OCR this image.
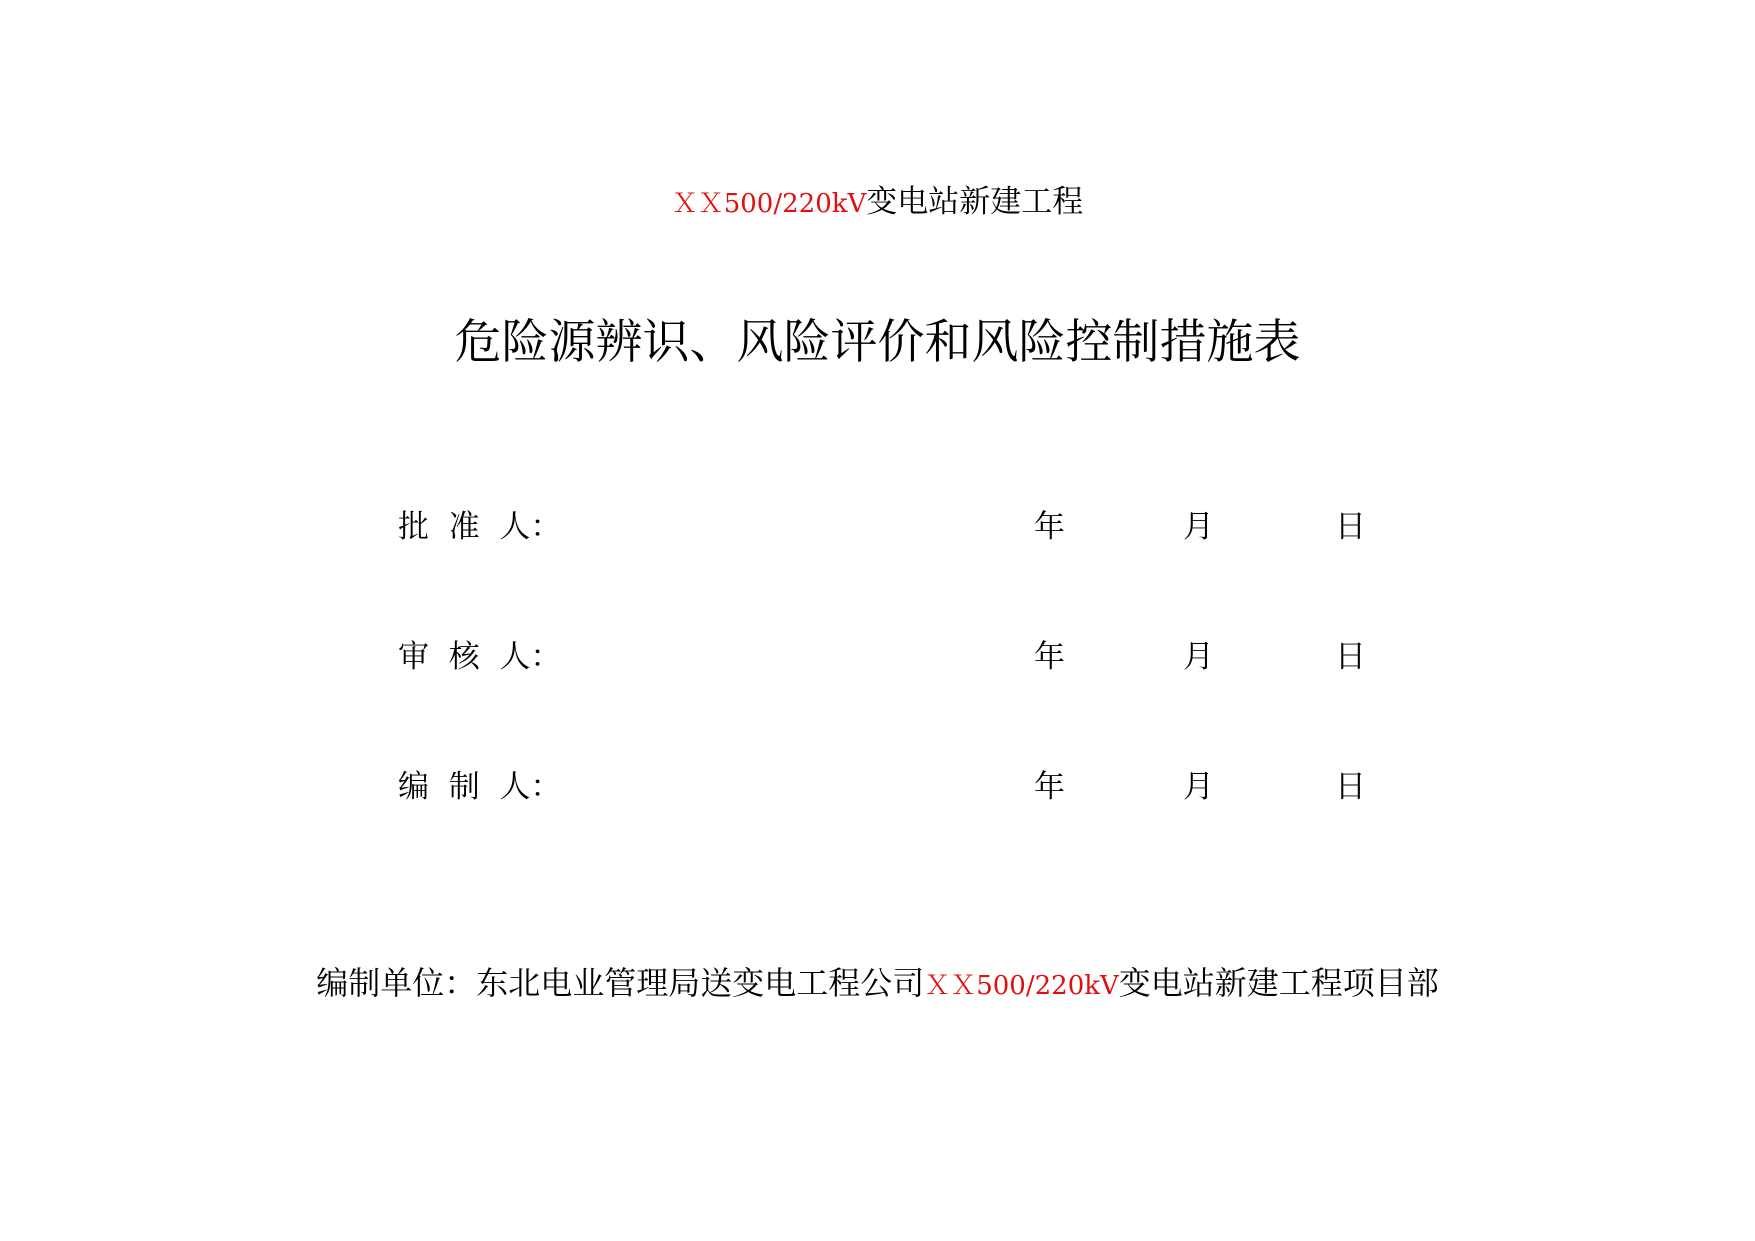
ＸＸ500/220kV变电站新建工程
危险源辨识、风险评价和风险控制措施表
批  准  人：	年	月	日
审  核  人：	年	月	日
编  制  人：	年	月	日
编制单位：东北电业管理局送变电工程公司ＸＸ500/220kV变电站新建工程项目部
